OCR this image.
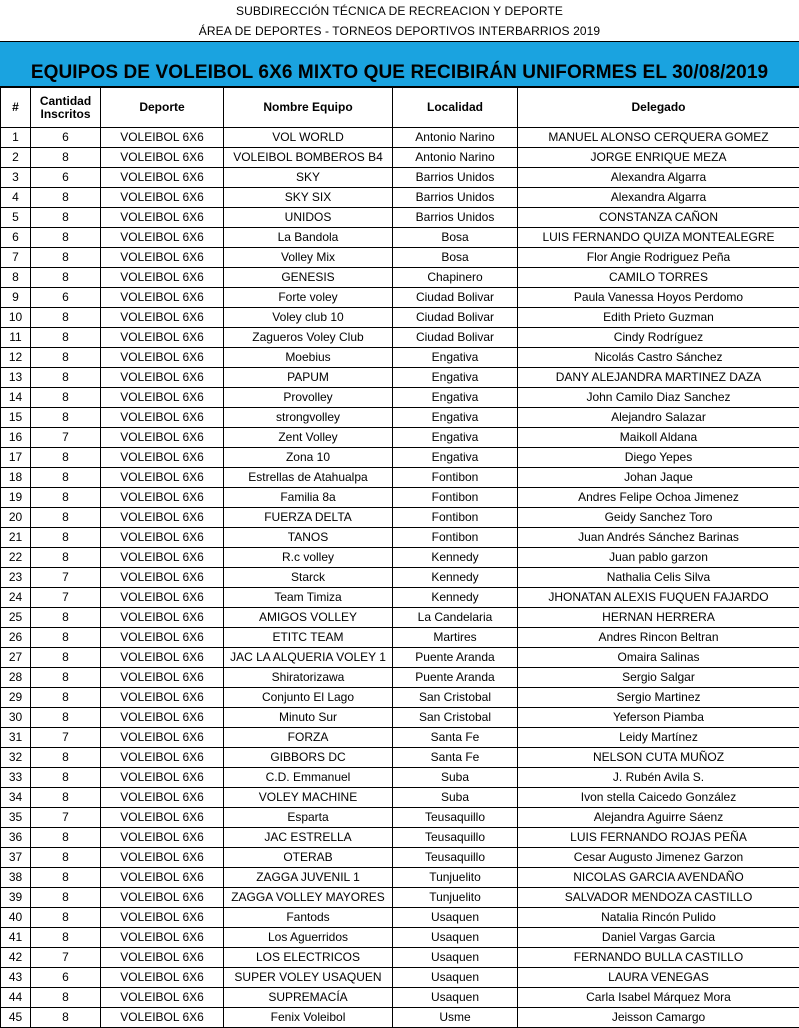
SUBDIRECCIÓN TÉCNICA DE RECREACION Y DEPORTE
ÁREA DE DEPORTES - TORNEOS DEPORTIVOS INTERBARRIOS 2019
EQUIPOS DE VOLEIBOL 6X6 MIXTO QUE RECIBIRÁN UNIFORMES EL 30/08/2019
#	Cantidad Inscritos	Deporte	Nombre Equipo	Localidad	Delegado
1	6	VOLEIBOL 6X6	VOL WORLD	Antonio Narino	MANUEL ALONSO CERQUERA GOMEZ
2	8	VOLEIBOL 6X6	VOLEIBOL BOMBEROS B4	Antonio Narino	JORGE ENRIQUE MEZA
3	6	VOLEIBOL 6X6	SKY	Barrios Unidos	Alexandra Algarra
4	8	VOLEIBOL 6X6	SKY SIX	Barrios Unidos	Alexandra Algarra
5	8	VOLEIBOL 6X6	UNIDOS	Barrios Unidos	CONSTANZA CAÑON
6	8	VOLEIBOL 6X6	La Bandola	Bosa	LUIS FERNANDO QUIZA MONTEALEGRE
7	8	VOLEIBOL 6X6	Volley Mix	Bosa	Flor Angie Rodriguez Peña
8	8	VOLEIBOL 6X6	GENESIS	Chapinero	CAMILO TORRES
9	6	VOLEIBOL 6X6	Forte voley	Ciudad Bolivar	Paula Vanessa Hoyos Perdomo
10	8	VOLEIBOL 6X6	Voley club 10	Ciudad Bolivar	Edith Prieto Guzman
11	8	VOLEIBOL 6X6	Zagueros Voley Club	Ciudad Bolivar	Cindy Rodríguez
12	8	VOLEIBOL 6X6	Moebius	Engativa	Nicolás Castro Sánchez
13	8	VOLEIBOL 6X6	PAPUM	Engativa	DANY ALEJANDRA MARTINEZ DAZA
14	8	VOLEIBOL 6X6	Provolley	Engativa	John Camilo Diaz Sanchez
15	8	VOLEIBOL 6X6	strongvolley	Engativa	Alejandro Salazar
16	7	VOLEIBOL 6X6	Zent Volley	Engativa	Maikoll Aldana
17	8	VOLEIBOL 6X6	Zona 10	Engativa	Diego Yepes
18	8	VOLEIBOL 6X6	Estrellas de Atahualpa	Fontibon	Johan Jaque
19	8	VOLEIBOL 6X6	Familia 8a	Fontibon	Andres Felipe Ochoa Jimenez
20	8	VOLEIBOL 6X6	FUERZA DELTA	Fontibon	Geidy Sanchez Toro
21	8	VOLEIBOL 6X6	TANOS	Fontibon	Juan Andrés Sánchez Barinas
22	8	VOLEIBOL 6X6	R.c volley	Kennedy	Juan pablo garzon
23	7	VOLEIBOL 6X6	Starck	Kennedy	Nathalia Celis Silva
24	7	VOLEIBOL 6X6	Team Timiza	Kennedy	JHONATAN ALEXIS FUQUEN FAJARDO
25	8	VOLEIBOL 6X6	AMIGOS VOLLEY	La Candelaria	HERNAN HERRERA
26	8	VOLEIBOL 6X6	ETITC TEAM	Martires	Andres Rincon Beltran
27	8	VOLEIBOL 6X6	JAC LA ALQUERIA VOLEY 1	Puente Aranda	Omaira Salinas
28	8	VOLEIBOL 6X6	Shiratorizawa	Puente Aranda	Sergio Salgar
29	8	VOLEIBOL 6X6	Conjunto El Lago	San Cristobal	Sergio Martinez
30	8	VOLEIBOL 6X6	Minuto Sur	San Cristobal	Yeferson Piamba
31	7	VOLEIBOL 6X6	FORZA	Santa Fe	Leidy Martínez
32	8	VOLEIBOL 6X6	GIBBORS DC	Santa Fe	NELSON CUTA MUÑOZ
33	8	VOLEIBOL 6X6	C.D. Emmanuel	Suba	J. Rubén Avila S.
34	8	VOLEIBOL 6X6	VOLEY MACHINE	Suba	Ivon stella Caicedo González
35	7	VOLEIBOL 6X6	Esparta	Teusaquillo	Alejandra Aguirre Sáenz
36	8	VOLEIBOL 6X6	JAC ESTRELLA	Teusaquillo	LUIS FERNANDO ROJAS PEÑA
37	8	VOLEIBOL 6X6	OTERAB	Teusaquillo	Cesar Augusto Jimenez Garzon
38	8	VOLEIBOL 6X6	ZAGGA JUVENIL 1	Tunjuelito	NICOLAS GARCIA AVENDAÑO
39	8	VOLEIBOL 6X6	ZAGGA VOLLEY MAYORES	Tunjuelito	SALVADOR MENDOZA CASTILLO
40	8	VOLEIBOL 6X6	Fantods	Usaquen	Natalia Rincón Pulido
41	8	VOLEIBOL 6X6	Los Aguerridos	Usaquen	Daniel Vargas Garcia
42	7	VOLEIBOL 6X6	LOS ELECTRICOS	Usaquen	FERNANDO BULLA CASTILLO
43	6	VOLEIBOL 6X6	SUPER VOLEY USAQUEN	Usaquen	LAURA VENEGAS
44	8	VOLEIBOL 6X6	SUPREMACÍA	Usaquen	Carla Isabel Márquez Mora
45	8	VOLEIBOL 6X6	Fenix Voleibol	Usme	Jeisson Camargo
